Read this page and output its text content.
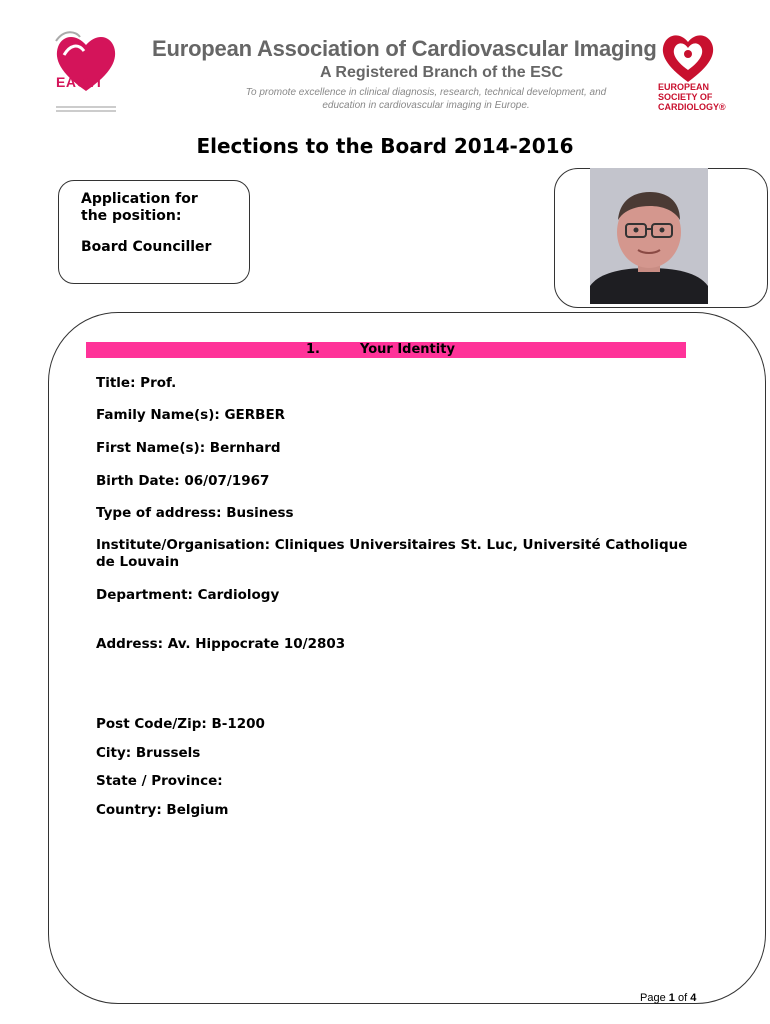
EACVI
European Association of Cardiovascular Imaging
A Registered Branch of the ESC
To promote excellence in clinical diagnosis, research, technical development, and education in cardiovascular imaging in Europe.
EUROPEAN
SOCIETY OF
CARDIOLOGY®
Elections to the Board 2014-2016
Application for
the position:
Board Counciller
1.	Your Identity
Title: Prof.
Family Name(s): GERBER
First Name(s): Bernhard
Birth Date: 06/07/1967
Type of address: Business
Institute/Organisation: Cliniques Universitaires St. Luc, Université Catholique de Louvain
Department: Cardiology
Address: Av. Hippocrate 10/2803
Post Code/Zip: B-1200
City: Brussels
State / Province:
Country: Belgium
Page 1 of 4
